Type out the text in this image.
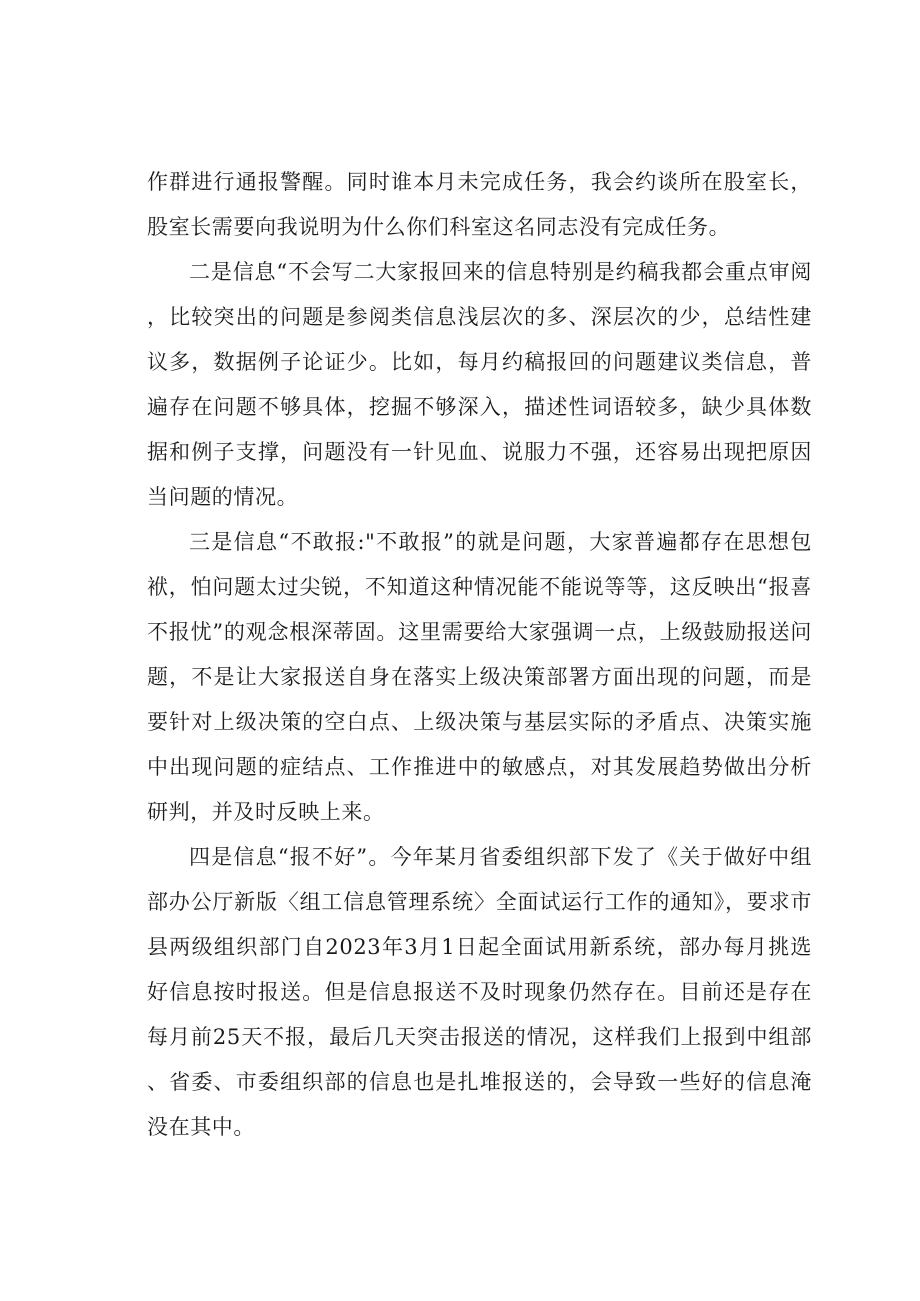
作群进行通报警醒。同时谁本月未完成任务，我会约谈所在股室长，股室长需要向我说明为什么你们科室这名同志没有完成任务。

二是信息“不会写二大家报回来的信息特别是约稿我都会重点审阅，比较突出的问题是参阅类信息浅层次的多、深层次的少，总结性建议多，数据例子论证少。比如，每月约稿报回的问题建议类信息，普遍存在问题不够具体，挖掘不够深入，描述性词语较多，缺少具体数据和例子支撑，问题没有一针见血、说服力不强，还容易出现把原因当问题的情况。

三是信息“不敢报:"不敢报”的就是问题，大家普遍都存在思想包袱，怕问题太过尖锐，不知道这种情况能不能说等等，这反映出“报喜不报忧”的观念根深蒂固。这里需要给大家强调一点，上级鼓励报送问题，不是让大家报送自身在落实上级决策部署方面出现的问题，而是要针对上级决策的空白点、上级决策与基层实际的矛盾点、决策实施中出现问题的症结点、工作推进中的敏感点，对其发展趋势做出分析研判，并及时反映上来。

四是信息“报不好”。今年某月省委组织部下发了《关于做好中组部办公厅新版〈组工信息管理系统〉全面试运行工作的通知》，要求市县两级组织部门自2023年3月1日起全面试用新系统，部办每月挑选好信息按时报送。但是信息报送不及时现象仍然存在。目前还是存在每月前25天不报，最后几天突击报送的情况，这样我们上报到中组部、省委、市委组织部的信息也是扎堆报送的，会导致一些好的信息淹没在其中。
